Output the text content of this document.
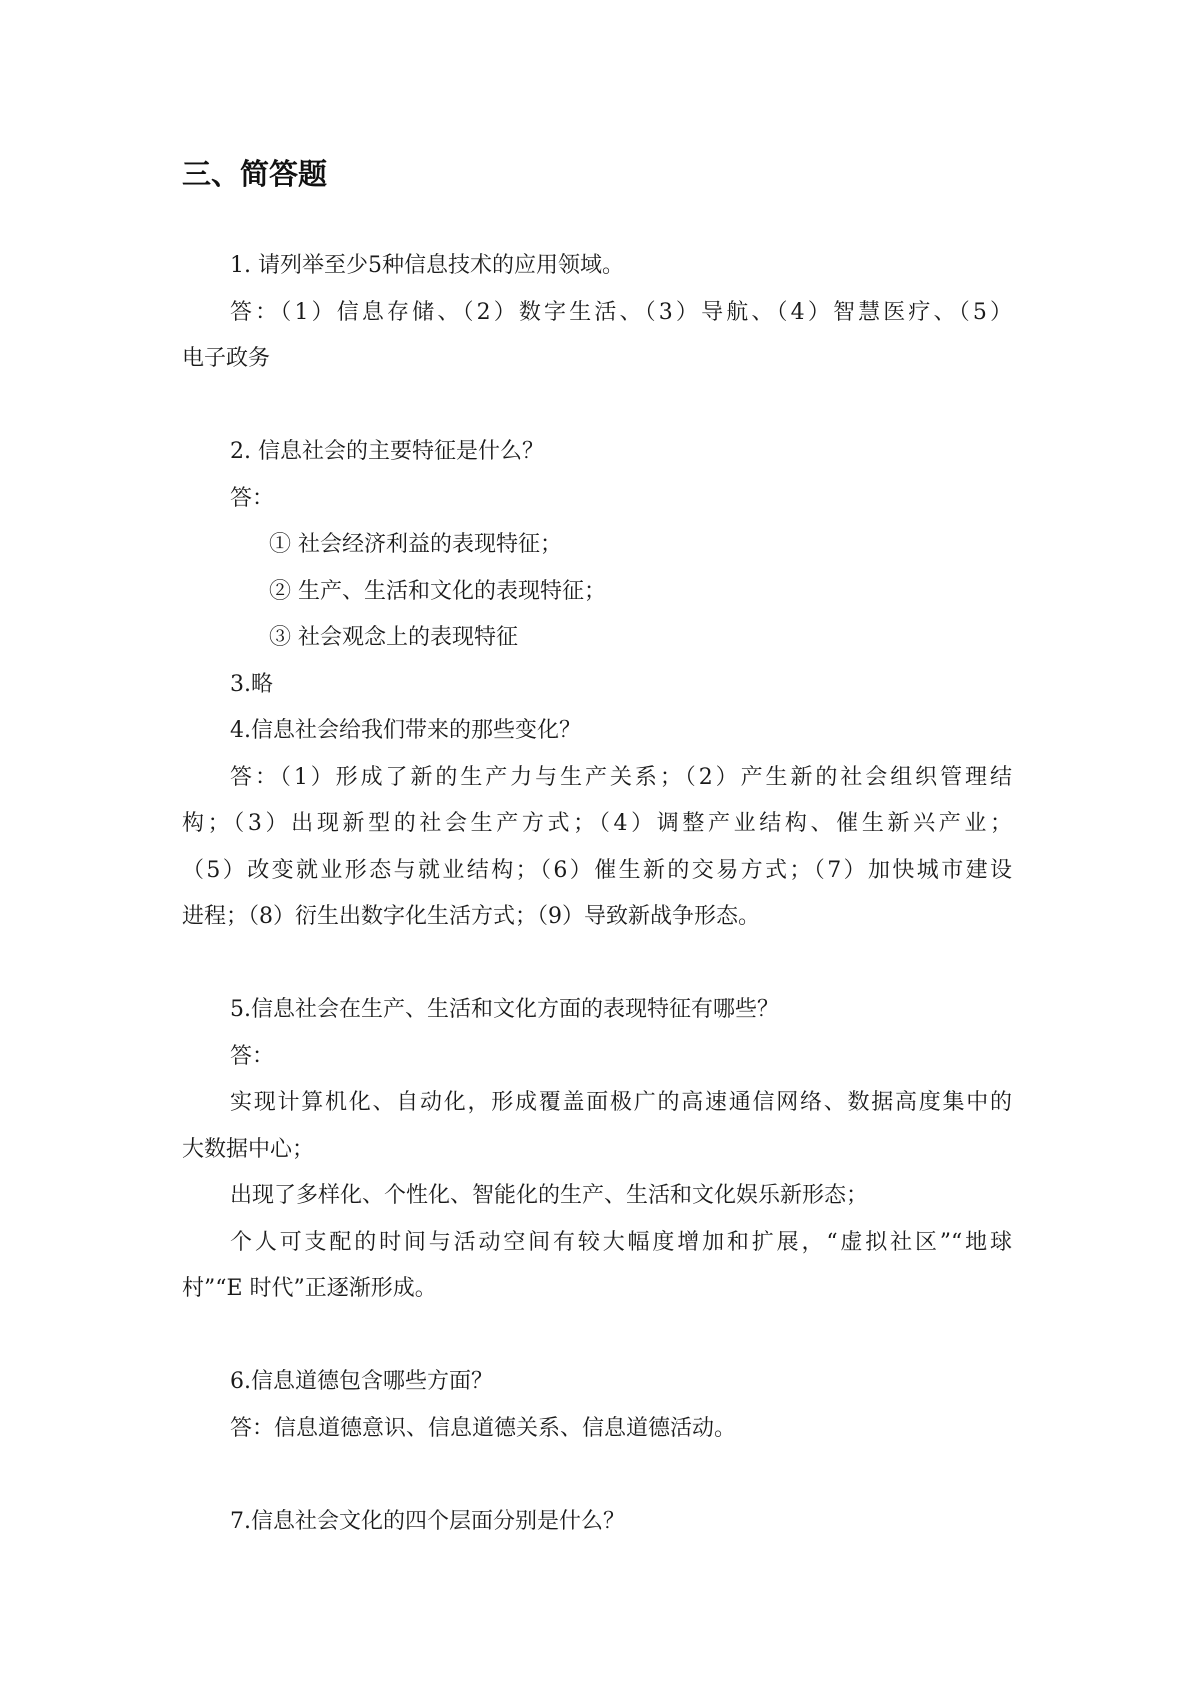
三、简答题
1. 请列举至少5种信息技术的应用领域。
答：（1）信息存储、（2）数字生活、（3）导航、（4）智慧医疗、（5）
电子政务
2. 信息社会的主要特征是什么？
答：
① 社会经济利益的表现特征；
② 生产、生活和文化的表现特征；
③ 社会观念上的表现特征
3.略
4.信息社会给我们带来的那些变化？
答：（1）形成了新的生产力与生产关系；（2）产生新的社会组织管理结
构；（3）出现新型的社会生产方式；（4）调整产业结构、催生新兴产业；
（5）改变就业形态与就业结构；（6）催生新的交易方式；（7）加快城市建设
进程；（8）衍生出数字化生活方式；（9）导致新战争形态。
5.信息社会在生产、生活和文化方面的表现特征有哪些？
答：
实现计算机化、自动化，形成覆盖面极广的高速通信网络、数据高度集中的
大数据中心；
出现了多样化、个性化、智能化的生产、生活和文化娱乐新形态；
个人可支配的时间与活动空间有较大幅度增加和扩展，“虚拟社区”“地球
村”“E 时代”正逐渐形成。
6.信息道德包含哪些方面？
答：信息道德意识、信息道德关系、信息道德活动。
7.信息社会文化的四个层面分别是什么？
